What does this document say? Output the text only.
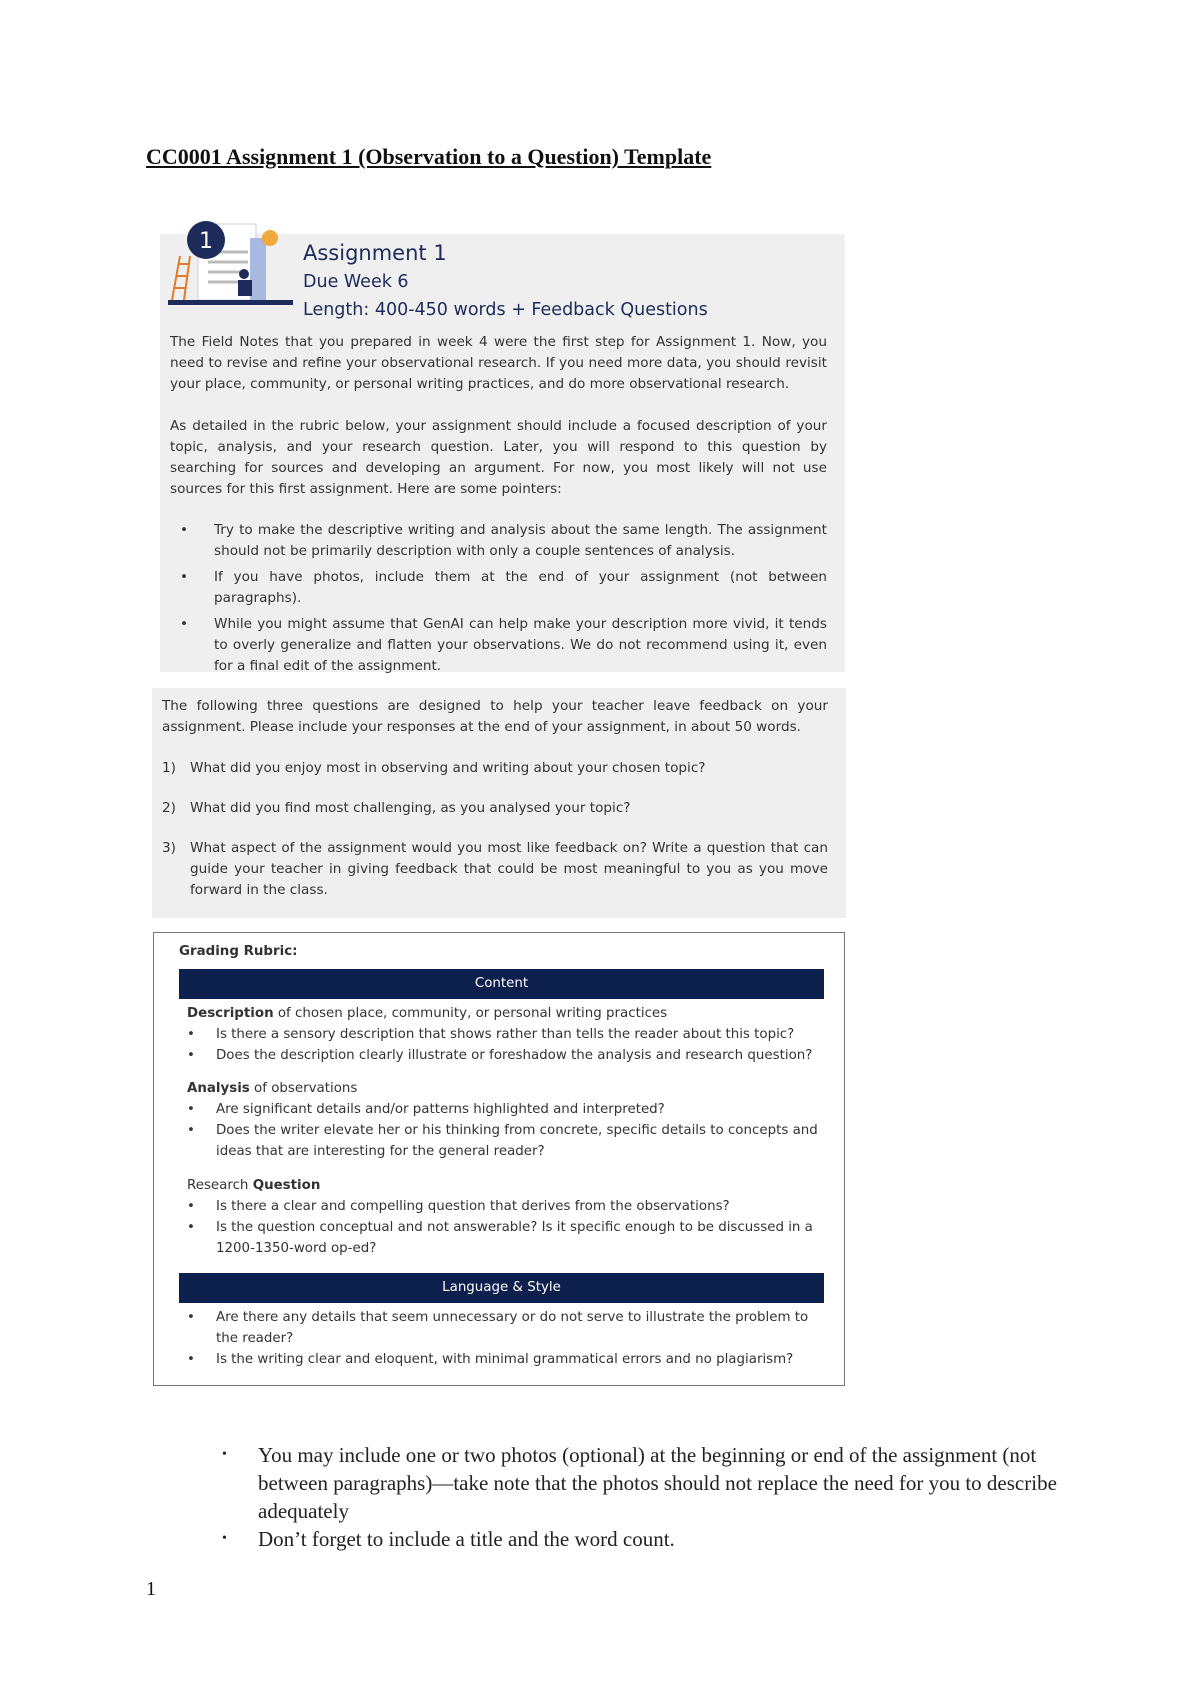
CC0001 Assignment 1 (Observation to a Question) Template
1	Assignment 1
Due Week 6
Length: 400-450 words + Feedback Questions
The Field Notes that you prepared in week 4 were the first step for Assignment 1. Now, you need to revise and refine your observational research. If you need more data, you should revisit your place, community, or personal writing practices, and do more observational research.
As detailed in the rubric below, your assignment should include a focused description of your topic, analysis, and your research question. Later, you will respond to this question by searching for sources and developing an argument. For now, you most likely will not use sources for this first assignment. Here are some pointers:
• Try to make the descriptive writing and analysis about the same length. The assignment should not be primarily description with only a couple sentences of analysis.
• If you have photos, include them at the end of your assignment (not between paragraphs).
• While you might assume that GenAI can help make your description more vivid, it tends to overly generalize and flatten your observations. We do not recommend using it, even for a final edit of the assignment.
The following three questions are designed to help your teacher leave feedback on your assignment. Please include your responses at the end of your assignment, in about 50 words.
1) What did you enjoy most in observing and writing about your chosen topic?
2) What did you find most challenging, as you analysed your topic?
3) What aspect of the assignment would you most like feedback on? Write a question that can guide your teacher in giving feedback that could be most meaningful to you as you move forward in the class.
Grading Rubric:
Content
Description of chosen place, community, or personal writing practices
• Is there a sensory description that shows rather than tells the reader about this topic?
• Does the description clearly illustrate or foreshadow the analysis and research question?
Analysis of observations
• Are significant details and/or patterns highlighted and interpreted?
• Does the writer elevate her or his thinking from concrete, specific details to concepts and ideas that are interesting for the general reader?
Research Question
• Is there a clear and compelling question that derives from the observations?
• Is the question conceptual and not answerable? Is it specific enough to be discussed in a 1200-1350-word op-ed?
Language & Style
• Are there any details that seem unnecessary or do not serve to illustrate the problem to the reader?
• Is the writing clear and eloquent, with minimal grammatical errors and no plagiarism?
• You may include one or two photos (optional) at the beginning or end of the assignment (not between paragraphs)—take note that the photos should not replace the need for you to describe adequately
• Don’t forget to include a title and the word count.
1
